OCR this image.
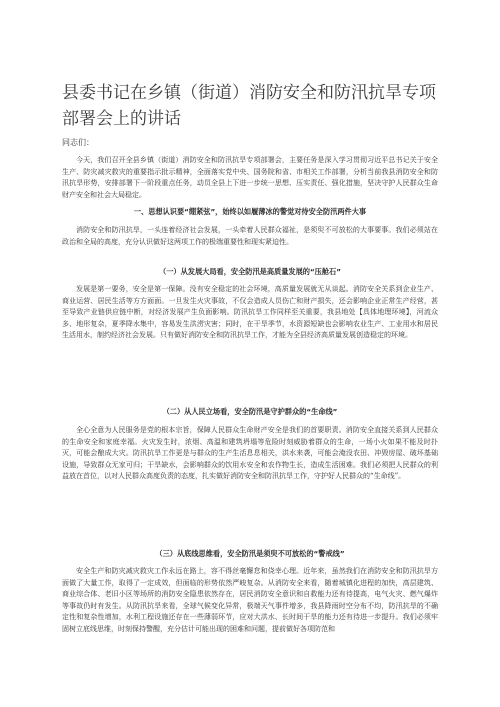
县委书记在乡镇（街道）消防安全和防汛抗旱专项部署会上的讲话
同志们：

今天，我们召开全县乡镇（街道）消防安全和防汛抗旱专项部署会，主要任务是深入学习贯彻习近平总书记关于安全生产、防灾减灾救灾的重要指示批示精神，全面落实党中央、国务院和省、市相关工作部署，分析当前我县消防安全和防汛抗旱形势，安排部署下一阶段重点任务，动员全县上下进一步统一思想、压实责任、强化措施，坚决守护人民群众生命财产安全和社会大局稳定。

一、思想认识要“绷紧弦”，始终以如履薄冰的警觉对待安全防汛两件大事

消防安全和防汛抗旱，一头连着经济社会发展，一头牵着人民群众福祉，是须臾不可放松的大事要事。我们必须站在政治和全局的高度，充分认识做好这两项工作的极端重要性和现实紧迫性。

（一）从发展大局看，安全防汛是高质量发展的“压舱石”

发展是第一要务，安全是第一保障。没有安全稳定的社会环境，高质量发展就无从谈起。消防安全关系到企业生产、商业运营、居民生活等方方面面。一旦发生火灾事故，不仅会造成人员伤亡和财产损失，还会影响企业正常生产经营，甚至导致产业链供应链中断，对经济发展产生负面影响。防汛抗旱工作同样至关重要，我县地处【具体地理环境】，河流众多、地形复杂，夏季降水集中，容易发生洪涝灾害；同时，在干旱季节，水资源短缺也会影响农业生产、工业用水和居民生活用水，制约经济社会发展。只有做好消防安全和防汛抗旱工作，才能为全县经济高质量发展创造稳定的环境。

（二）从人民立场看，安全防汛是守护群众的“生命线”

全心全意为人民服务是党的根本宗旨，保障人民群众生命财产安全是我们的首要职责。消防安全直接关系到人民群众的生命安全和家庭幸福。火灾发生时，浓烟、高温和建筑坍塌等危险时刻威胁着群众的生命，一场小火如果不能及时扑灭，可能会酿成大灾。防汛抗旱工作更是与群众的生产生活息息相关，洪水来袭，可能会淹没农田、冲毁房屋、破坏基础设施，导致群众无家可归；干旱缺水，会影响群众的饮用水安全和农作物生长，造成生活困难。我们必须把人民群众的利益放在首位，以对人民群众高度负责的态度，扎实做好消防安全和防汛抗旱工作，守护好人民群众的“生命线”。

（三）从底线思维看，安全防汛是须臾不可放松的“警戒线”

安全生产和防灾减灾救灾工作永远在路上，容不得丝毫懈怠和侥幸心理。近年来，虽然我们在消防安全和防汛抗旱方面做了大量工作，取得了一定成效，但面临的形势依然严峻复杂。从消防安全来看，随着城镇化进程的加快，高层建筑、商业综合体、老旧小区等场所的消防安全隐患依然存在，居民消防安全意识和自救能力还有待提高，电气火灾、燃气爆炸等事故仍时有发生。从防汛抗旱来看，全球气候变化异常，极端天气事件增多，我县降雨时空分布不均，防汛抗旱的不确定性和复杂性增加，水利工程设施还存在一些薄弱环节，应对大洪水、长时间干旱的能力还有待进一步提升。我们必须牢固树立底线思维，时刻保持警醒，充分估计可能出现的困难和问题，提前做好各项防范和
